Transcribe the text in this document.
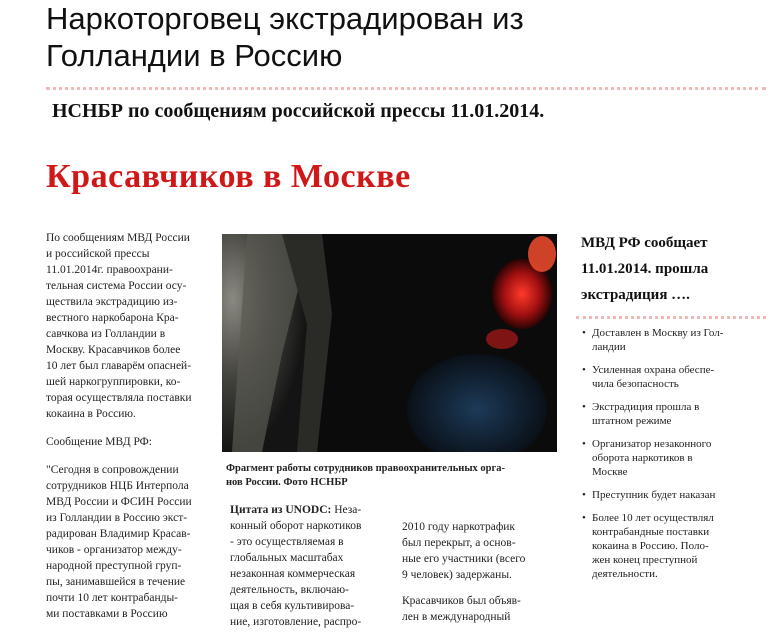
Наркоторговец экстрадирован из
Голландии в Россию
НСНБР по сообщениям российской прессы 11.01.2014.
Красавчиков в Москве

По сообщениям МВД России
и российской прессы
11.01.2014г. правоохрани-
тельная система России осу-
ществила экстрадицию из-
вестного наркобарона Кра-
савчкова из Голландии в
Москву. Красавчиков более
10 лет был главарём опасней-
шей наркогруппировки, ко-
торая осуществляла поставки
кокаина в Россию.

Сообщение МВД РФ:

"Сегодня в сопровождении
сотрудников НЦБ Интерпола
МВД России и ФСИН России
из Голландии в Россию экст-
радирован Владимир Красав-
чиков - организатор между-
народной преступной груп-
пы, занимавшейся в течение
почти 10 лет контрабанды-
ми поставками в Россию

Фрагмент работы сотрудников правоохранительных орга-
нов России. Фото НСНБР
Цитата из UNODC: Неза-
конный оборот наркотиков
- это осуществляемая в
глобальных масштабах
незаконная коммерческая
деятельность, включаю-
щая в себя культивирова-
ние, изготовление, распро-

2010 году наркотрафик
был перекрыт, а основ-
ные его участники (всего
9 человек) задержаны.

Красавчиков был объяв-
лен в международный

МВД РФ сообщает
11.01.2014. прошла
экстрадиция ….
• Доставлен в Москву из Гол-
ландии
• Усиленная охрана обеспе-
чила безопасность
• Экстрадиция прошла в
штатном режиме
• Организатор незаконного
оборота наркотиков в
Москве
• Преступник будет наказан
• Более 10 лет осуществлял
контрабандные поставки
кокаина в Россию. Поло-
жен конец преступной
деятельности.
